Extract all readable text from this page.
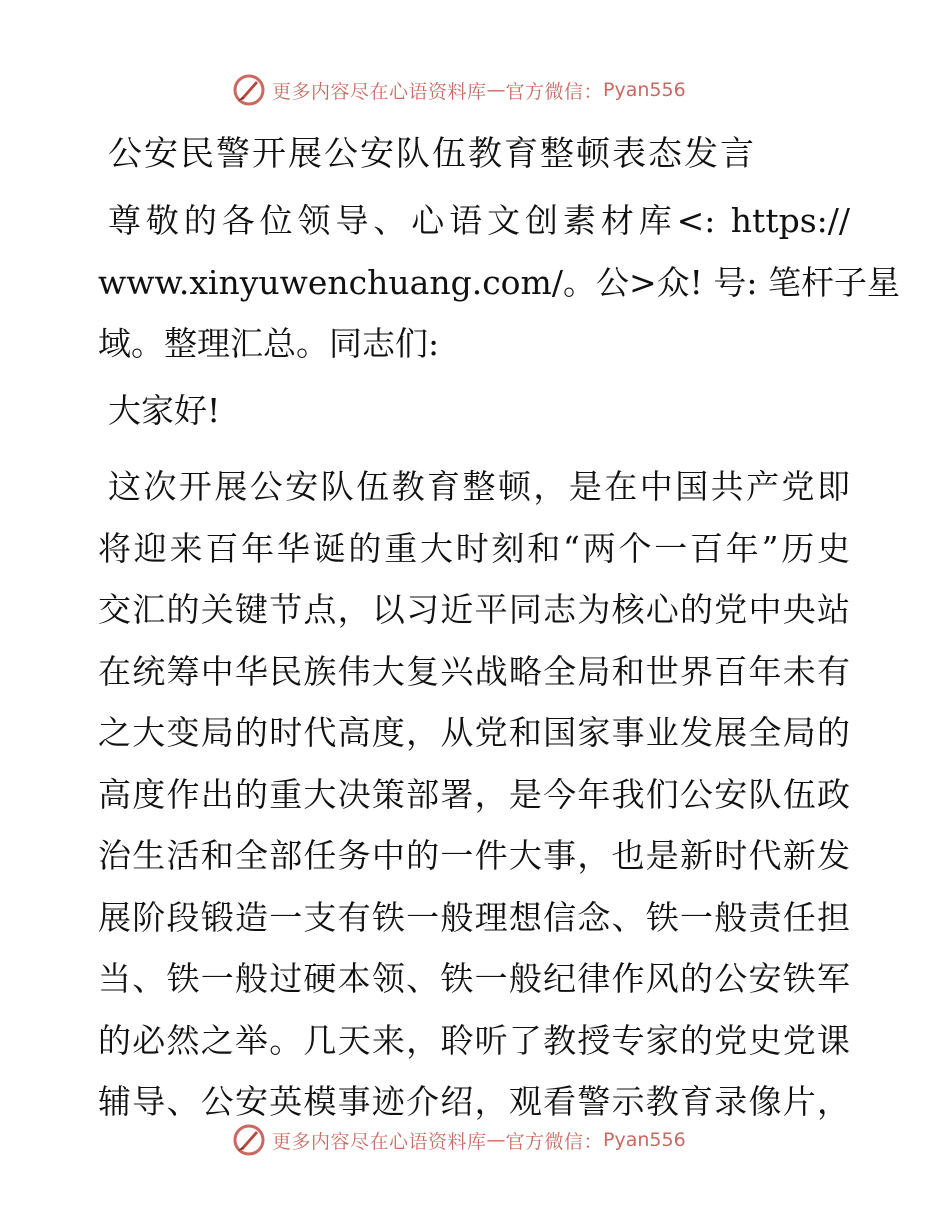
更多内容尽在心语资料库 — 官方微信： Pyan556
公安民警开展公安队伍教育整顿表态发言
尊敬的各位领导、心语文创素材库<: https://
www.xinyuwenchuang.com/。公>众! 号: 笔杆子星
域。整理汇总。同志们:
大家好!
这次开展公安队伍教育整顿，是在中国共产党即
将迎来百年华诞的重大时刻和“两个一百年”历史
交汇的关键节点，以习近平同志为核心的党中央站
在统筹中华民族伟大复兴战略全局和世界百年未有
之大变局的时代高度，从党和国家事业发展全局的
高度作出的重大决策部署，是今年我们公安队伍政
治生活和全部任务中的一件大事，也是新时代新发
展阶段锻造一支有铁一般理想信念、铁一般责任担
当、铁一般过硬本领、铁一般纪律作风的公安铁军
的必然之举。几天来，聆听了教授专家的党史党课
辅导、公安英模事迹介绍，观看警示教育录像片，
更多内容尽在心语资料库 — 官方微信： Pyan556
